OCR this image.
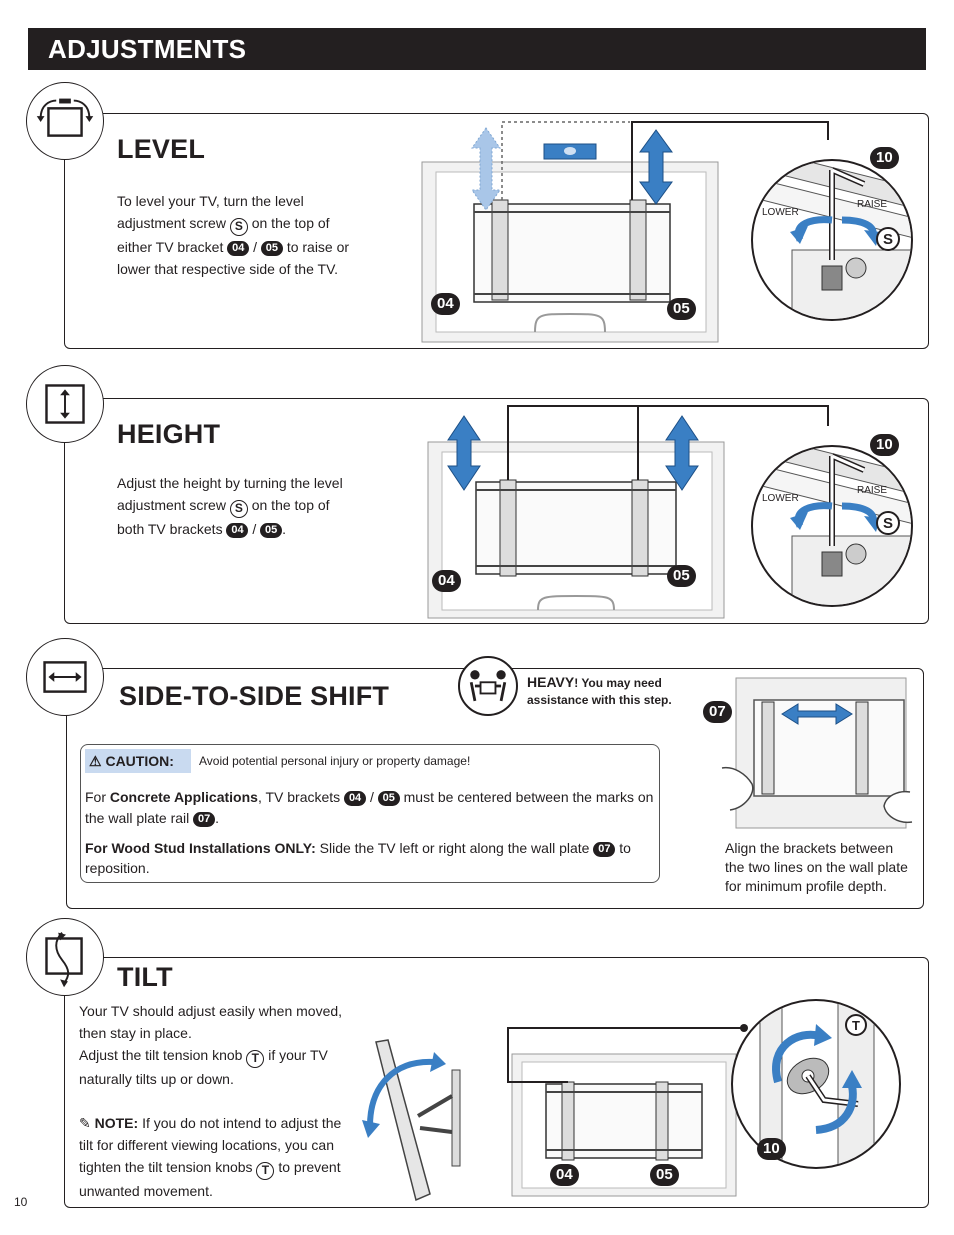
ADJUSTMENTS
LEVEL
To level your TV, turn the level
adjustment screw S on the top of
either TV bracket 04 / 05 to raise or
lower that respective side of the TV.
04	05
LOWER
RAISE
10
S
HEIGHT
Adjust the height by turning the level
adjustment screw S on the top of
both TV brackets 04 / 05 .
04	05
LOWER
RAISE
10
S
SIDE-TO-SIDE SHIFT	HEAVY! You may need
assistance with this step.
⚠ CAUTION:	Avoid potential personal injury or property damage!
For Concrete Applications, TV brackets 04 / 05 must be centered between the marks on
the wall plate rail 07 .
For Wood Stud Installations ONLY: Slide the TV left or right along the wall plate 07 to
reposition.
07
Align the brackets between
the two lines on the wall plate
for minimum profile depth.
TILT
Your TV should adjust easily when moved,
then stay in place.
Adjust the tilt tension knob T if your TV
naturally tilts up or down.
✎ NOTE: If you do not intend to adjust the
tilt for different viewing locations, you can
tighten the tilt tension knobs T to prevent
unwanted movement.
04	05
T
10
10
